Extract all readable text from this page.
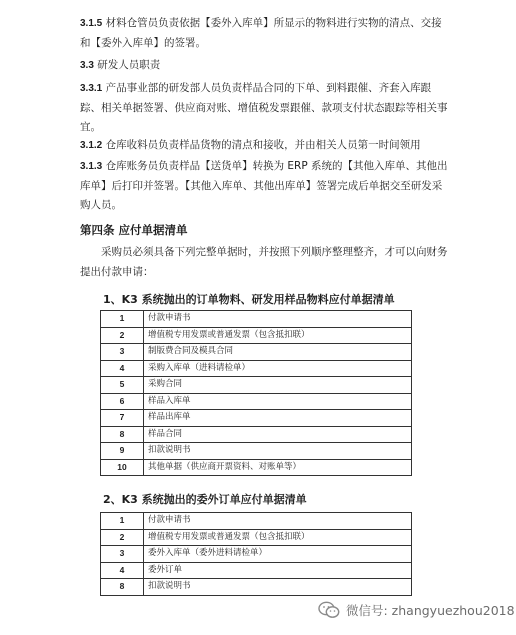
3.1.5 材料仓管员负责依据【委外入库单】所显示的物料进行实物的清点、交接和【委外入库单】的签署。

3.3 研发人员职责

3.3.1 产品事业部的研发部人员负责样品合同的下单、到料跟催、齐套入库跟踪、相关单据签署、供应商对账、增值税发票跟催、款项支付状态跟踪等相关事宜。

3.1.2 仓库收料员负责样品货物的清点和接收，并由相关人员第一时间领用

3.1.3 仓库账务员负责样品【送货单】转换为 ERP 系统的【其他入库单、其他出库单】后打印并签署。【其他入库单、其他出库单】签署完成后单据交至研发采购人员。

第四条 应付单据清单

采购员必须具备下列完整单据时，并按照下列顺序整理整齐，才可以向财务提出付款申请：

1、K3 系统抛出的订单物料、研发用样品物料应付单据清单
1	付款申请书
2	增值税专用发票或普通发票（包含抵扣联）
3	制版费合同及模具合同
4	采购入库单（进料请检单）
5	采购合同
6	样品入库单
7	样品出库单
8	样品合同
9	扣款说明书
10	其他单据（供应商开票资料、对账单等）
2、K3 系统抛出的委外订单应付单据清单
1	付款申请书
2	增值税专用发票或普通发票（包含抵扣联）
3	委外入库单（委外进料请检单）
4	委外订单
8	扣款说明书
微信号: zhangyuezhou2018
